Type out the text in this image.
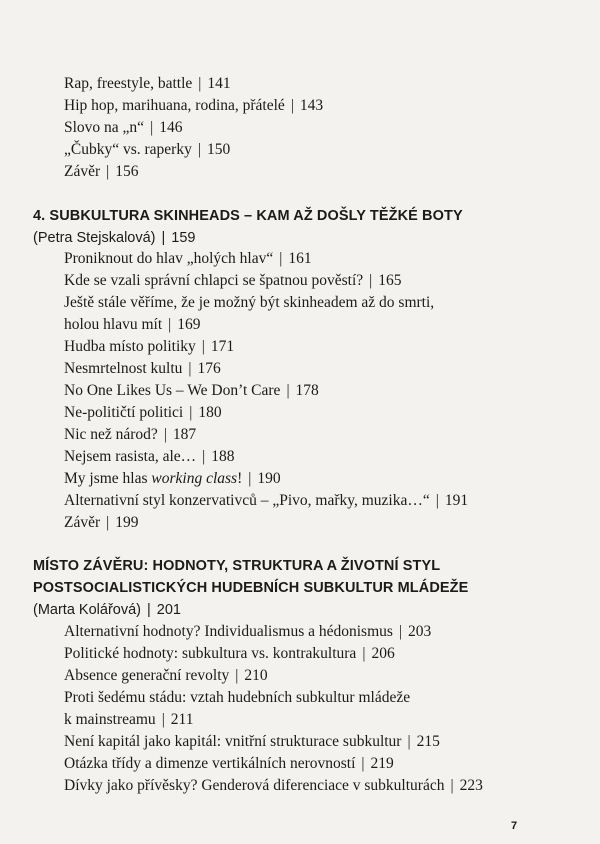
Rap, freestyle, battle | 141
Hip hop, marihuana, rodina, přátelé | 143
Slovo na „n“ | 146
„Čubky“ vs. raperky | 150
Závěr | 156
4. SUBKULTURA SKINHEADS – KAM AŽ DOŠLY TĚŽKÉ BOTY
(Petra Stejskalová) | 159
Proniknout do hlav „holých hlav“ | 161
Kde se vzali správní chlapci se špatnou pověstí? | 165
Ještě stále věříme, že je možný být skinheadem až do smrti,
holou hlavu mít | 169
Hudba místo politiky | 171
Nesmrtelnost kultu | 176
No One Likes Us – We Don’t Care | 178
Ne-političtí politici | 180
Nic než národ? | 187
Nejsem rasista, ale… | 188
My jsme hlas working class! | 190
Alternativní styl konzervativců – „Pivo, mařky, muzika…“ | 191
Závěr | 199
MÍSTO ZÁVĚRU: HODNOTY, STRUKTURA A ŽIVOTNÍ STYL
POSTSOCIALISTICKÝCH HUDEBNÍCH SUBKULTUR MLÁDEŽE
(Marta Kolářová) | 201
Alternativní hodnoty? Individualismus a hédonismus | 203
Politické hodnoty: subkultura vs. kontrakultura | 206
Absence generační revolty | 210
Proti šedému stádu: vztah hudebních subkultur mládeže
k mainstreamu | 211
Není kapitál jako kapitál: vnitřní strukturace subkultur | 215
Otázka třídy a dimenze vertikálních nerovností | 219
Dívky jako přívěsky? Genderová diferenciace v subkulturách | 223
7
